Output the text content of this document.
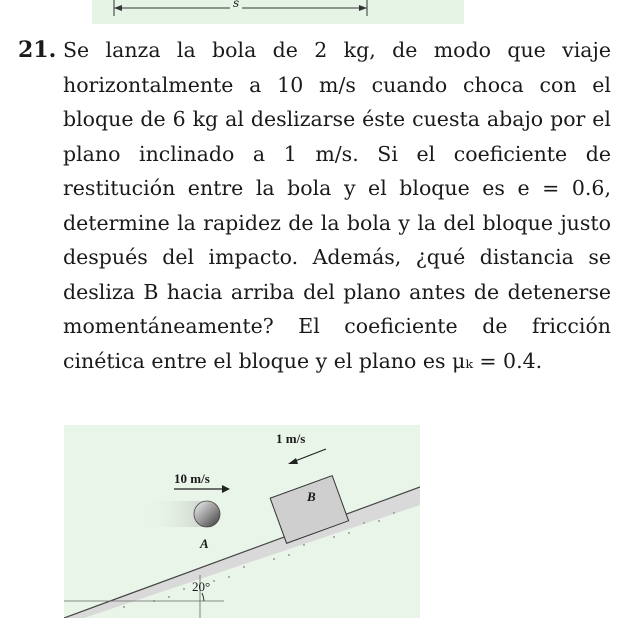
s
21. Se lanza la bola de 2 kg, de modo que viaje horizontalmente a 10 m/s cuando choca con el bloque de 6 kg al deslizarse éste cuesta abajo por el plano inclinado a 1 m/s. Si el coeficiente de restitución entre la bola y el bloque es e = 0.6, determine la rapidez de la bola y la del bloque justo después del impacto. Además, ¿qué distancia se desliza B hacia arriba del plano antes de detenerse momentáneamente? El coeficiente de fricción cinética entre el bloque y el plano es μₖ = 0.4.
1 m/s
10 m/s
B
A
20°
